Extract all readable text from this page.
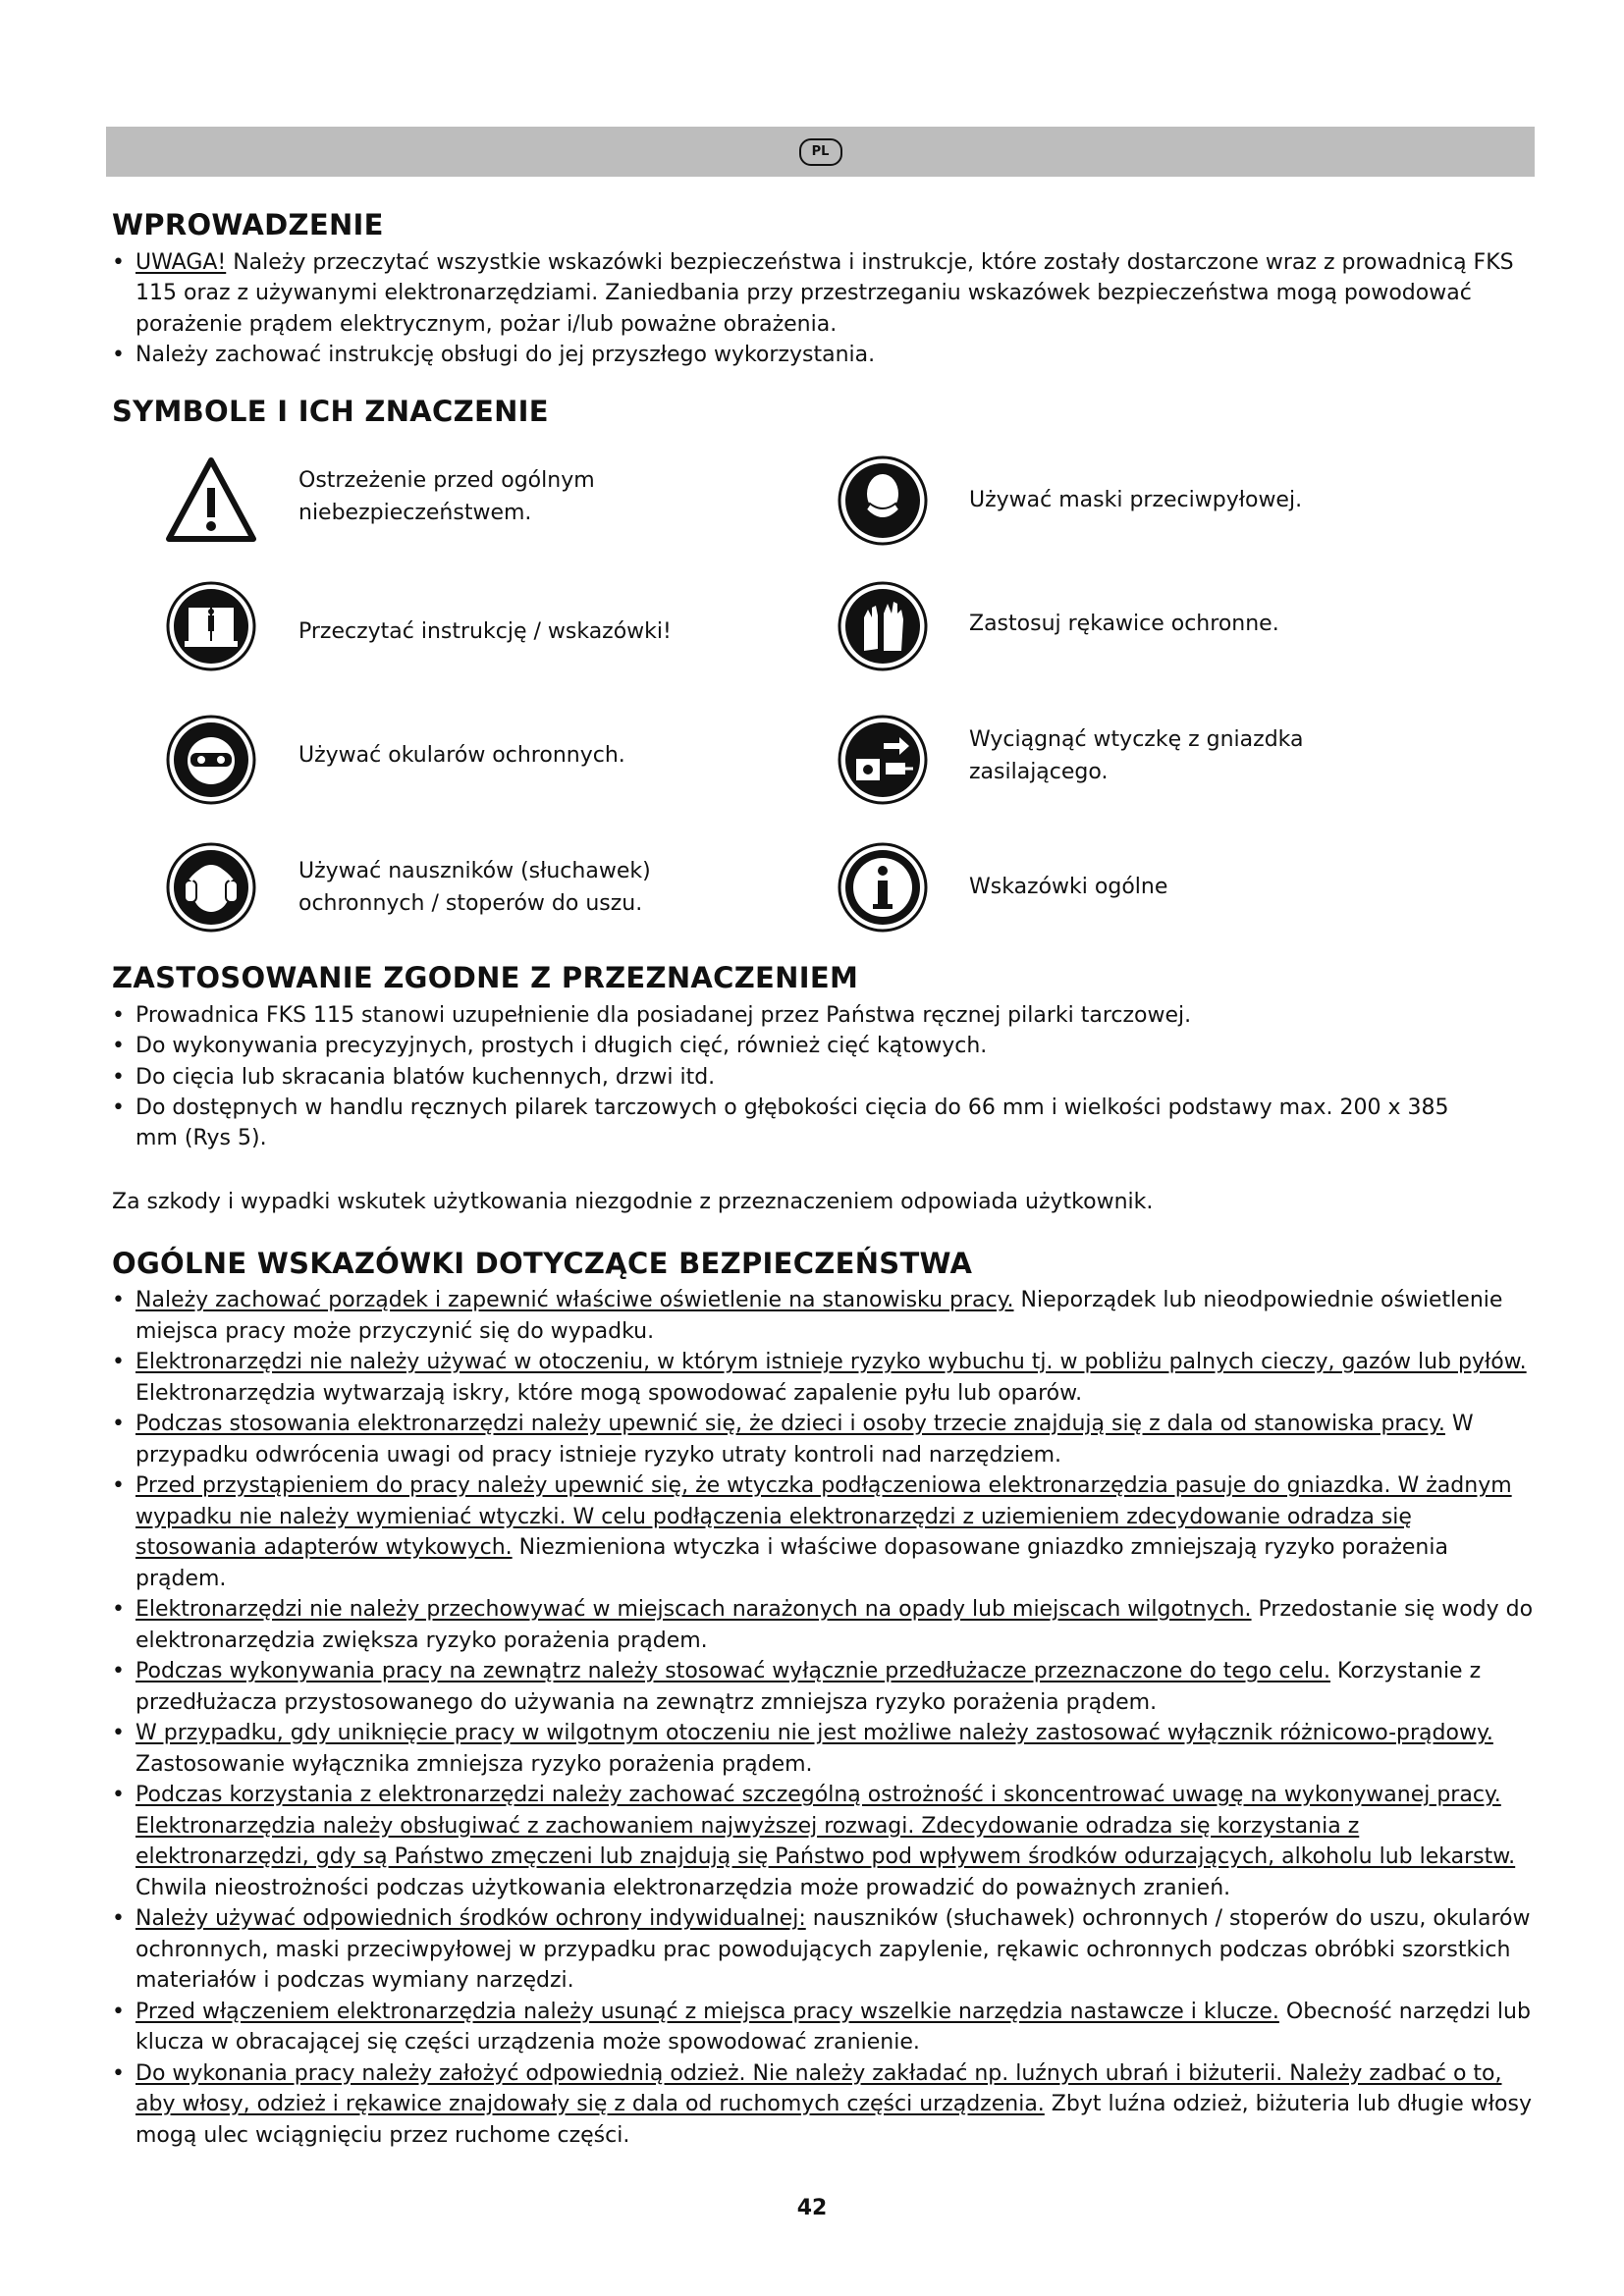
PL
WPROWADZENIE
• UWAGA! Należy przeczytać wszystkie wskazówki bezpieczeństwa i instrukcje, które zostały dostarczone wraz z prowadnicą FKS 115 oraz z używanymi elektronarzędziami. Zaniedbania przy przestrzeganiu wskazówek bezpieczeństwa mogą powodować porażenie prądem elektrycznym, pożar i/lub poważne obrażenia.
• Należy zachować instrukcję obsługi do jej przyszłego wykorzystania.
SYMBOLE I ICH ZNACZENIE
Ostrzeżenie przed ogólnym niebezpieczeństwem.
Używać maski przeciwpyłowej.
Przeczytać instrukcję / wskazówki!	Zastosuj rękawice ochronne.
Używać okularów ochronnych.
Wyciągnąć wtyczkę z gniazdka zasilającego.
Używać nauszników (słuchawek) ochronnych / stoperów do uszu.
Wskazówki ogólne
ZASTOSOWANIE ZGODNE Z PRZEZNACZENIEM
• Prowadnica FKS 115 stanowi uzupełnienie dla posiadanej przez Państwa ręcznej pilarki tarczowej.
• Do wykonywania precyzyjnych, prostych i długich cięć, również cięć kątowych.
• Do cięcia lub skracania blatów kuchennych, drzwi itd.
• Do dostępnych w handlu ręcznych pilarek tarczowych o głębokości cięcia do 66 mm i wielkości podstawy max. 200 x 385 mm (Rys 5).
Za szkody i wypadki wskutek użytkowania niezgodnie z przeznaczeniem odpowiada użytkownik.
OGÓLNE WSKAZÓWKI DOTYCZĄCE BEZPIECZEŃSTWA
• Należy zachować porządek i zapewnić właściwe oświetlenie na stanowisku pracy. Nieporządek lub nieodpowiednie oświetlenie miejsca pracy może przyczynić się do wypadku.
• Elektronarzędzi nie należy używać w otoczeniu, w którym istnieje ryzyko wybuchu tj. w pobliżu palnych cieczy, gazów lub pyłów. Elektronarzędzia wytwarzają iskry, które mogą spowodować zapalenie pyłu lub oparów.
• Podczas stosowania elektronarzędzi należy upewnić się, że dzieci i osoby trzecie znajdują się z dala od stanowiska pracy. W przypadku odwrócenia uwagi od pracy istnieje ryzyko utraty kontroli nad narzędziem.
• Przed przystąpieniem do pracy należy upewnić się, że wtyczka podłączeniowa elektronarzędzia pasuje do gniazdka. W żadnym wypadku nie należy wymieniać wtyczki. W celu podłączenia elektronarzędzi z uziemieniem zdecydowanie odradza się stosowania adapterów wtykowych. Niezmieniona wtyczka i właściwe dopasowane gniazdko zmniejszają ryzyko porażenia prądem.
• Elektronarzędzi nie należy przechowywać w miejscach narażonych na opady lub miejscach wilgotnych. Przedostanie się wody do elektronarzędzia zwiększa ryzyko porażenia prądem.
• Podczas wykonywania pracy na zewnątrz należy stosować wyłącznie przedłużacze przeznaczone do tego celu. Korzystanie z przedłużacza przystosowanego do używania na zewnątrz zmniejsza ryzyko porażenia prądem.
• W przypadku, gdy uniknięcie pracy w wilgotnym otoczeniu nie jest możliwe należy zastosować wyłącznik różnicowo-prądowy. Zastosowanie wyłącznika zmniejsza ryzyko porażenia prądem.
• Podczas korzystania z elektronarzędzi należy zachować szczególną ostrożność i skoncentrować uwagę na wykonywanej pracy. Elektronarzędzia należy obsługiwać z zachowaniem najwyższej rozwagi. Zdecydowanie odradza się korzystania z elektronarzędzi, gdy są Państwo zmęczeni lub znajdują się Państwo pod wpływem środków odurzających, alkoholu lub lekarstw. Chwila nieostrożności podczas użytkowania elektronarzędzia może prowadzić do poważnych zranień.
• Należy używać odpowiednich środków ochrony indywidualnej: nauszników (słuchawek) ochronnych / stoperów do uszu, okularów ochronnych, maski przeciwpyłowej w przypadku prac powodujących zapylenie, rękawic ochronnych podczas obróbki szorstkich materiałów i podczas wymiany narzędzi.
• Przed włączeniem elektronarzędzia należy usunąć z miejsca pracy wszelkie narzędzia nastawcze i klucze. Obecność narzędzi lub klucza w obracającej się części urządzenia może spowodować zranienie.
• Do wykonania pracy należy założyć odpowiednią odzież. Nie należy zakładać np. luźnych ubrań i biżuterii. Należy zadbać o to, aby włosy, odzież i rękawice znajdowały się z dala od ruchomych części urządzenia. Zbyt luźna odzież, biżuteria lub długie włosy mogą ulec wciągnięciu przez ruchome części.
42
